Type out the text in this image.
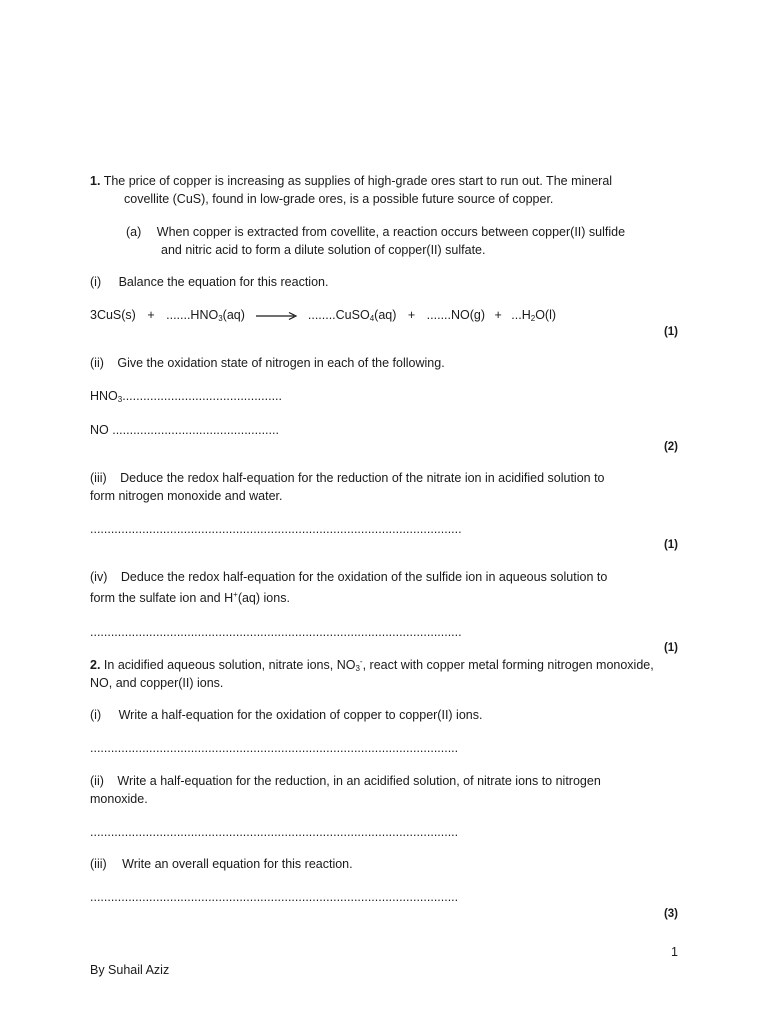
1. The price of copper is increasing as supplies of high-grade ores start to run out. The mineral
covellite (CuS), found in low-grade ores, is a possible future source of copper.
(a) When copper is extracted from covellite, a reaction occurs between copper(II) sulfide
and nitric acid to form a dilute solution of copper(II) sulfate.
(i) Balance the equation for this reaction.
$3CuS(s) + .......HNO_3(aq)$ → ........CuSO$_4$(aq) + $.......NO(g) + ...H_2O(l)$
(1)
(ii) Give the oxidation state of nitrogen in each of the following.
$HNO_3$..............................................
NO ................................................
(2)
(iii) Deduce the redox half-equation for the reduction of the nitrate ion in acidified solution to
form nitrogen monoxide and water.
...........................................................................................................
(1)
(iv) Deduce the redox half-equation for the oxidation of the sulfide ion in aqueous solution to
form the sulfate ion and H+(aq) ions.
...........................................................................................................
(1)
2. In acidified aqueous solution, nitrate ions, $NO_3^-$, react with copper metal forming nitrogen monoxide,
NO, and copper(II) ions.
(i) Write a half-equation for the oxidation of copper to copper(II) ions.
..........................................................................................................
(ii) Write a half-equation for the reduction, in an acidified solution, of nitrate ions to nitrogen
monoxide.
..........................................................................................................
(iii) Write an overall equation for this reaction.
..........................................................................................................
(3)
1
By Suhail Aziz
